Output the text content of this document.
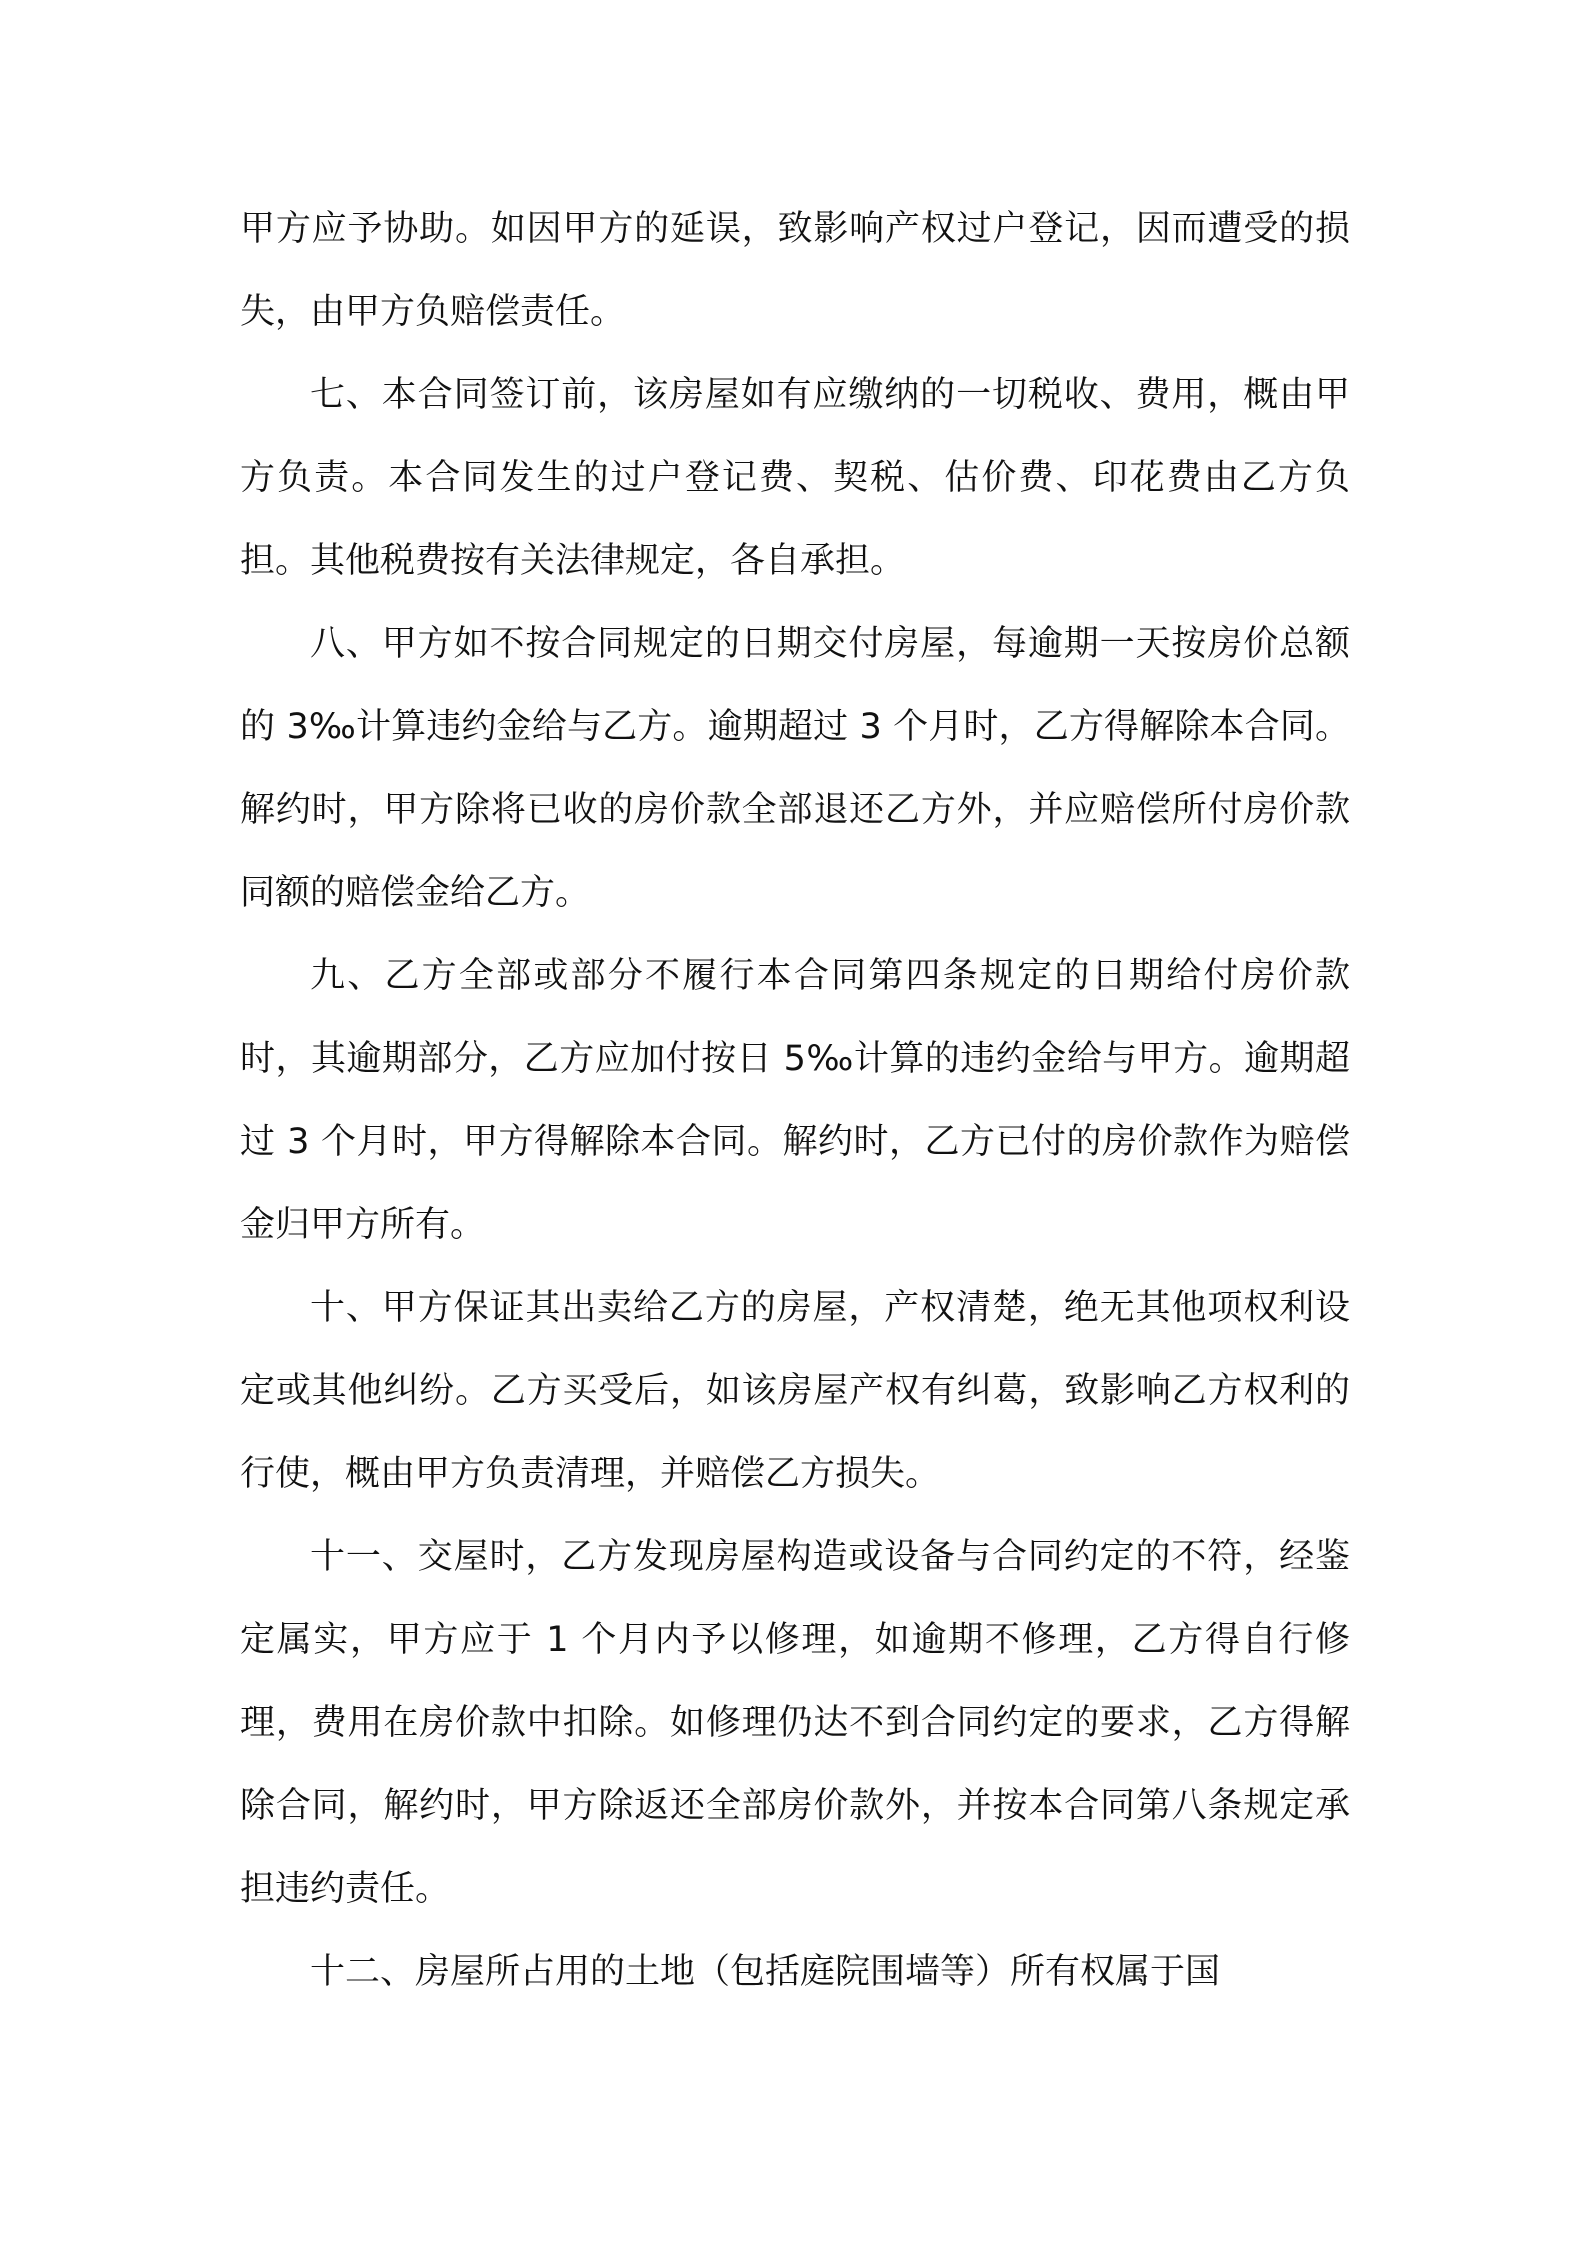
甲方应予协助。如因甲方的延误，致影响产权过户登记，因而遭受的损失，由甲方负赔偿责任。

七、本合同签订前，该房屋如有应缴纳的一切税收、费用，概由甲方负责。本合同发生的过户登记费、契税、估价费、印花费由乙方负担。其他税费按有关法律规定，各自承担。

八、甲方如不按合同规定的日期交付房屋，每逾期一天按房价总额的 3‰计算违约金给与乙方。逾期超过 3 个月时，乙方得解除本合同。解约时，甲方除将已收的房价款全部退还乙方外，并应赔偿所付房价款同额的赔偿金给乙方。

九、乙方全部或部分不履行本合同第四条规定的日期给付房价款时，其逾期部分，乙方应加付按日 5‰计算的违约金给与甲方。逾期超过 3 个月时，甲方得解除本合同。解约时，乙方已付的房价款作为赔偿金归甲方所有。

十、甲方保证其出卖给乙方的房屋，产权清楚，绝无其他项权利设定或其他纠纷。乙方买受后，如该房屋产权有纠葛，致影响乙方权利的行使，概由甲方负责清理，并赔偿乙方损失。

十一、交屋时，乙方发现房屋构造或设备与合同约定的不符，经鉴定属实，甲方应于 1 个月内予以修理，如逾期不修理，乙方得自行修理，费用在房价款中扣除。如修理仍达不到合同约定的要求，乙方得解除合同，解约时，甲方除返还全部房价款外，并按本合同第八条规定承担违约责任。

十二、房屋所占用的土地（包括庭院围墙等）所有权属于国
